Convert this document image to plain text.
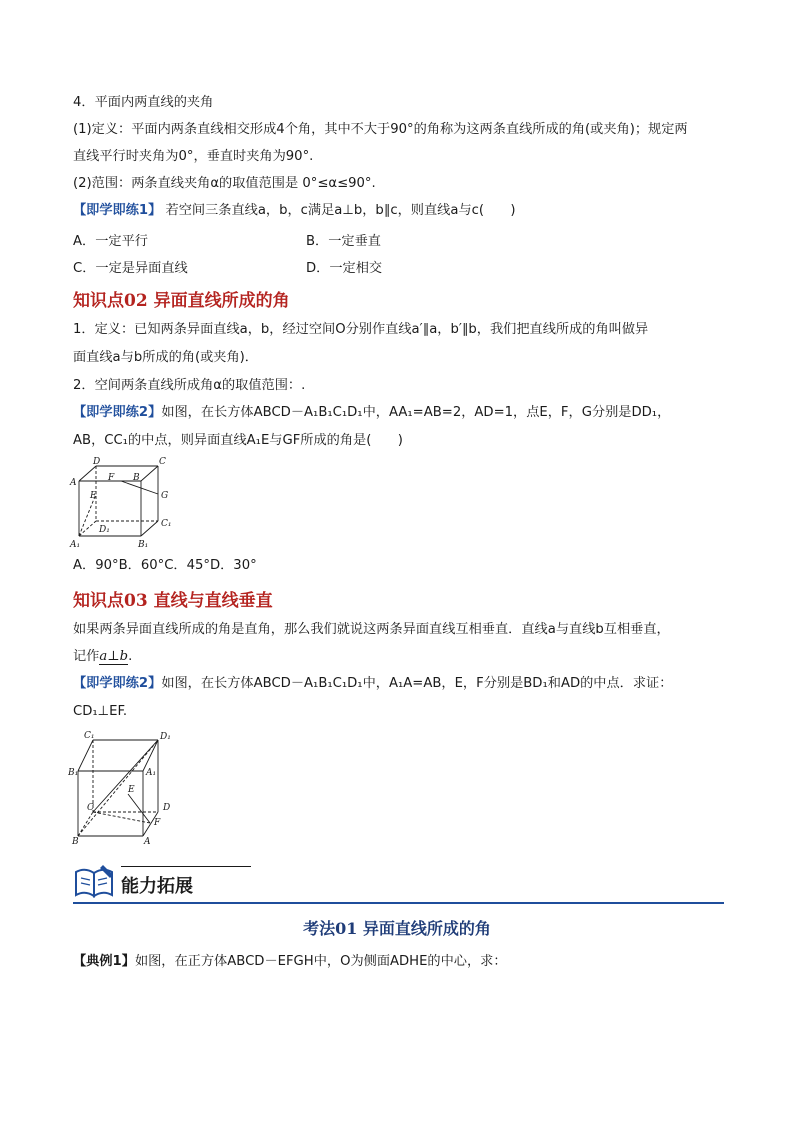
4．平面内两直线的夹角
(1)定义：平面内两条直线相交形成4个角，其中不大于90°的角称为这两条直线所成的角(或夹角)；规定两
直线平行时夹角为0°，垂直时夹角为90°.
(2)范围：两条直线夹角α的取值范围是 0°≤α≤90°.
【即学即练1】 若空间三条直线a，b，c满足a⊥b，b∥c，则直线a与c(　　)
A．一定平行	B．一定垂直
C．一定是异面直线	D．一定相交
知识点02 异面直线所成的角
1．定义：已知两条异面直线a，b，经过空间O分别作直线a′∥a，b′∥b，我们把直线所成的角叫做异
面直线a与b所成的角(或夹角)．
2．空间两条直线所成角α的取值范围：.
【即学即练2】如图，在长方体ABCD－A₁B₁C₁D₁中，AA₁=AB=2，AD=1，点E，F，G分别是DD₁，
AB，CC₁的中点，则异面直线A₁E与GF所成的角是(　　)
D	C
A	F B
E	G
C₁
D₁
A₁	B₁
A．90°B．60°C．45°D．30°
知识点03 直线与直线垂直
如果两条异面直线所成的角是直角，那么我们就说这两条异面直线互相垂直．直线a与直线b互相垂直，
记作a⊥b.
【即学即练2】如图，在长方体ABCD－A₁B₁C₁D₁中，A₁A=AB，E，F分别是BD₁和AD的中点．求证：
CD₁⊥EF.
C₁	D₁
B₁	A₁
C
E
D
F
B	A
能力拓展
考法01 异面直线所成的角
【典例1】如图，在正方体ABCD－EFGH中，O为侧面ADHE的中心，求：
